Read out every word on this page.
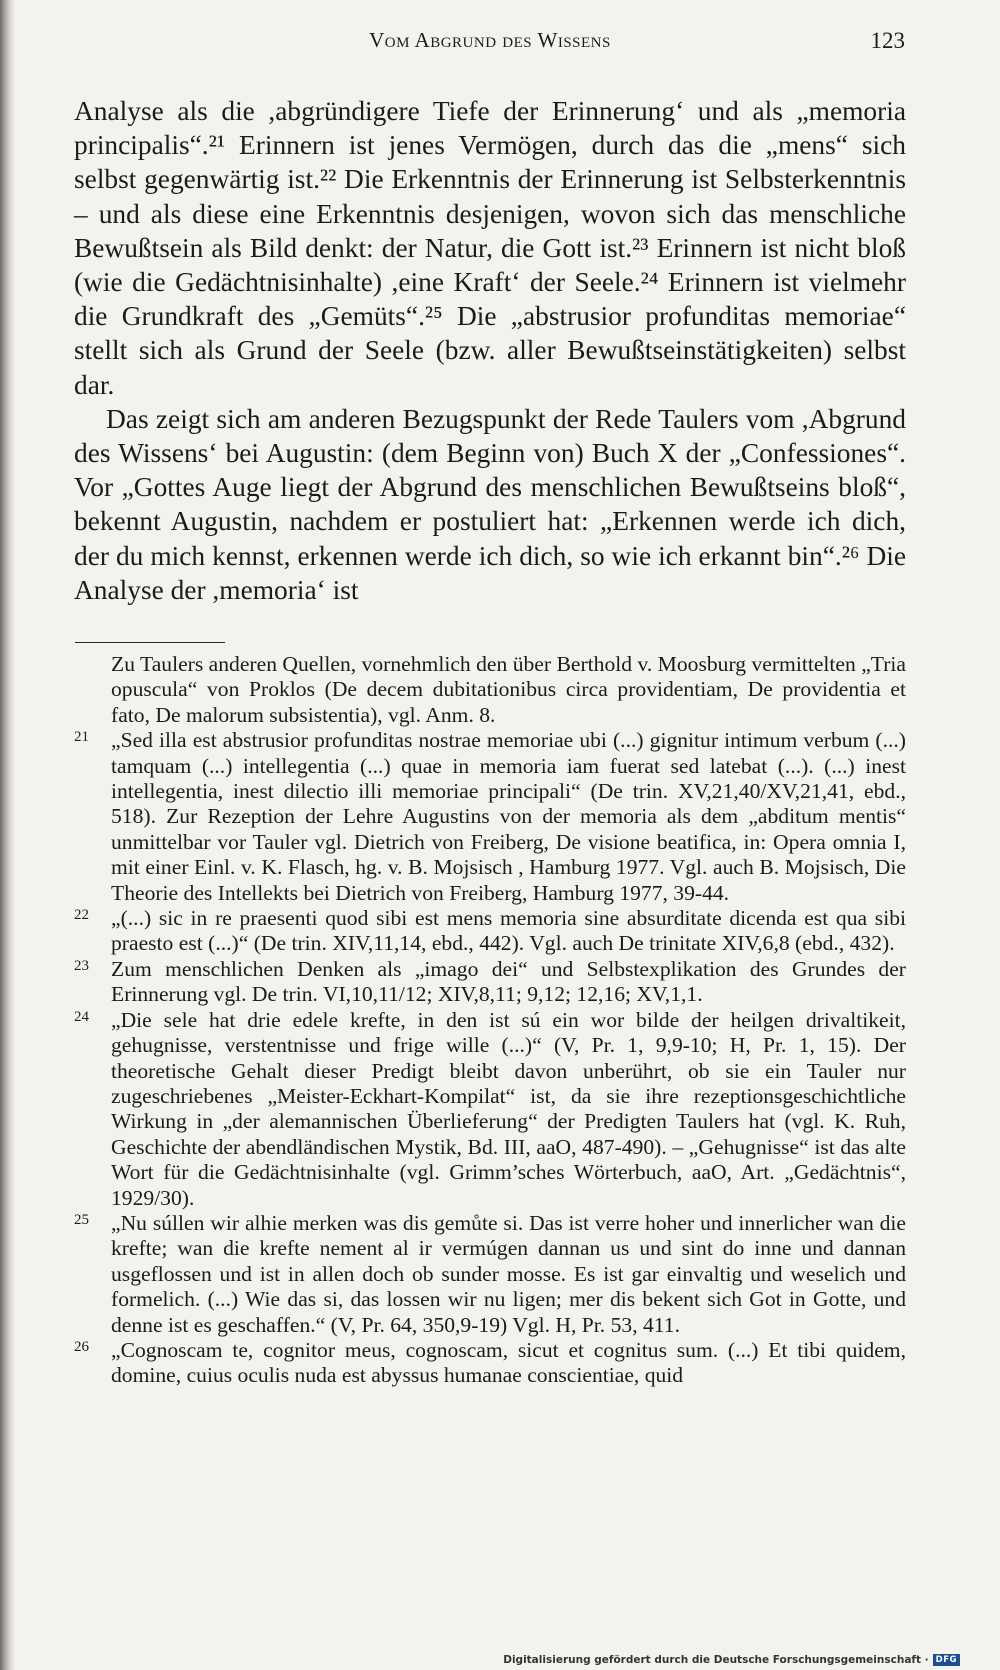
Vom Abgrund des Wissens	123

Analyse als die ,abgründigere Tiefe der Erinnerung‘ und als „memoria principalis“.²¹ Erinnern ist jenes Vermögen, durch das die „mens“ sich selbst gegenwärtig ist.²² Die Erkenntnis der Erinnerung ist Selbsterkenntnis – und als diese eine Erkenntnis desjenigen, wovon sich das menschliche Bewußtsein als Bild denkt: der Natur, die Gott ist.²³ Erinnern ist nicht bloß (wie die Gedächtnisinhalte) ,eine Kraft‘ der Seele.²⁴ Erinnern ist vielmehr die Grundkraft des „Gemüts“.²⁵ Die „abstrusior profunditas memoriae“ stellt sich als Grund der Seele (bzw. aller Bewußtseinstätigkeiten) selbst dar.

Das zeigt sich am anderen Bezugspunkt der Rede Taulers vom ,Abgrund des Wissens‘ bei Augustin: (dem Beginn von) Buch X der „Confessiones“. Vor „Gottes Auge liegt der Abgrund des menschlichen Bewußtseins bloß“, bekennt Augustin, nachdem er postuliert hat: „Erkennen werde ich dich, der du mich kennst, erkennen werde ich dich, so wie ich erkannt bin“.²⁶ Die Analyse der ,memoria‘ ist

Zu Taulers anderen Quellen, vornehmlich den über Berthold v. Moosburg vermittelten „Tria opuscula“ von Proklos (De decem dubitationibus circa providentiam, De providentia et fato, De malorum subsistentia), vgl. Anm. 8.
21 „Sed illa est abstrusior profunditas nostrae memoriae ubi (...) gignitur intimum verbum (...) tamquam (...) intellegentia (...) quae in memoria iam fuerat sed latebat (...). (...) inest intellegentia, inest dilectio illi memoriae principali“ (De trin. XV,21,40/XV,21,41, ebd., 518). Zur Rezeption der Lehre Augustins von der memoria als dem „abditum mentis“ unmittelbar vor Tauler vgl. Dietrich von Freiberg, De visione beatifica, in: Opera omnia I, mit einer Einl. v. K. Flasch, hg. v. B. Mojsisch , Hamburg 1977. Vgl. auch B. Mojsisch, Die Theorie des Intellekts bei Dietrich von Freiberg, Hamburg 1977, 39-44.
22 „(...) sic in re praesenti quod sibi est mens memoria sine absurditate dicenda est qua sibi praesto est (...)“ (De trin. XIV,11,14, ebd., 442). Vgl. auch De trinitate XIV,6,8 (ebd., 432).
23 Zum menschlichen Denken als „imago dei“ und Selbstexplikation des Grundes der Erinnerung vgl. De trin. VI,10,11/12; XIV,8,11; 9,12; 12,16; XV,1,1.
24 „Die sele hat drie edele krefte, in den ist sú ein wor bilde der heilgen drivaltikeit, gehugnisse, verstentnisse und frige wille (...)“ (V, Pr. 1, 9,9-10; H, Pr. 1, 15). Der theoretische Gehalt dieser Predigt bleibt davon unberührt, ob sie ein Tauler nur zugeschriebenes „Meister-Eckhart-Kompilat“ ist, da sie ihre rezeptionsgeschichtliche Wirkung in „der alemannischen Überlieferung“ der Predigten Taulers hat (vgl. K. Ruh, Geschichte der abendländischen Mystik, Bd. III, aaO, 487-490). – „Gehugnisse“ ist das alte Wort für die Gedächtnisinhalte (vgl. Grimm’sches Wörterbuch, aaO, Art. „Gedächtnis“, 1929/30).
25 „Nu súllen wir alhie merken was dis gemůte si. Das ist verre hoher und innerlicher wan die krefte; wan die krefte nement al ir vermúgen dannan us und sint do inne und dannan usgeflossen und ist in allen doch ob sunder mosse. Es ist gar einvaltig und weselich und formelich. (...) Wie das si, das lossen wir nu ligen; mer dis bekent sich Got in Gotte, und denne ist es geschaffen.“ (V, Pr. 64, 350,9-19) Vgl. H, Pr. 53, 411.
26 „Cognoscam te, cognitor meus, cognoscam, sicut et cognitus sum. (...) Et tibi quidem, domine, cuius oculis nuda est abyssus humanae conscientiae, quid
Digitalisierung gefördert durch die Deutsche Forschungsgemeinschaft · DFG
